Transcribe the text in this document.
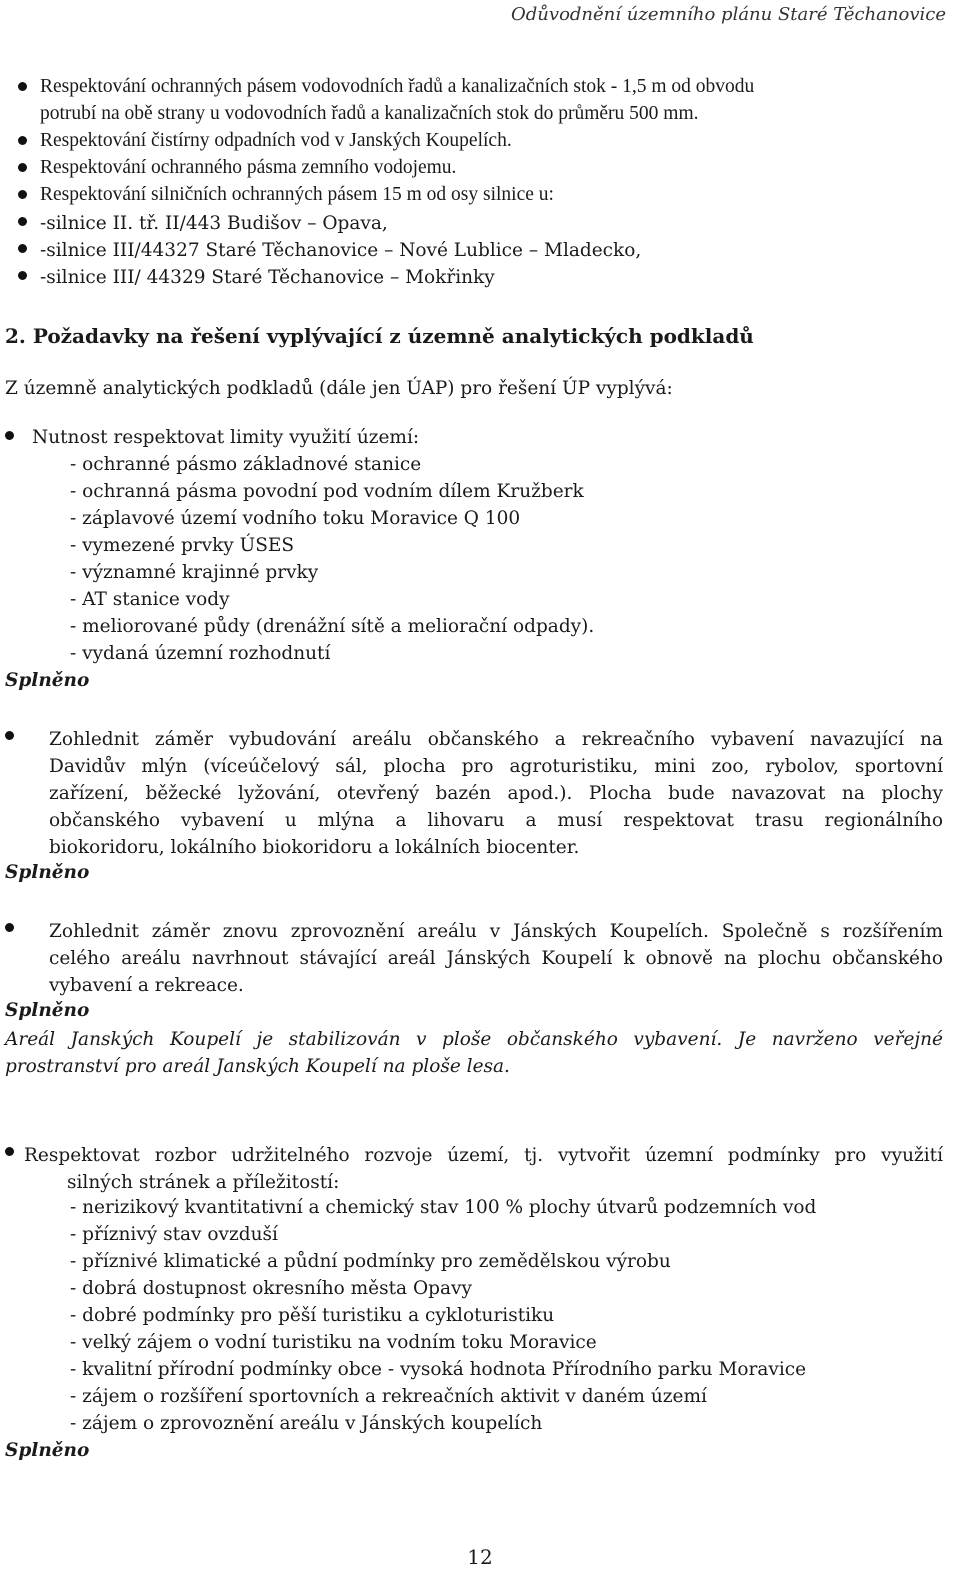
Odůvodnění územního plánu Staré Těchanovice
Respektování ochranných pásem vodovodních řadů a kanalizačních stok - 1,5 m od obvodu
potrubí na obě strany u vodovodních řadů a kanalizačních stok do průměru 500 mm.
Respektování čistírny odpadních vod v Janských Koupelích.
Respektování ochranného pásma zemního vodojemu.
Respektování silničních ochranných pásem 15 m od osy silnice u:
-silnice II. tř. II/443 Budišov – Opava,
-silnice III/44327 Staré Těchanovice – Nové Lublice – Mladecko,
-silnice III/ 44329 Staré Těchanovice – Mokřinky
2. Požadavky na řešení vyplývající z územně analytických podkladů
Z územně analytických podkladů (dále jen ÚAP) pro řešení ÚP vyplývá:
Nutnost respektovat limity využití území:
- ochranné pásmo základnové stanice
- ochranná pásma povodní pod vodním dílem Kružberk
- záplavové území vodního toku Moravice Q 100
- vymezené prvky ÚSES
- významné krajinné prvky
- AT stanice vody
- meliorované půdy (drenážní sítě a meliorační odpady).
- vydaná územní rozhodnutí
Splněno
Zohlednit záměr vybudování areálu občanského a rekreačního vybavení navazující na
Davidův mlýn (víceúčelový sál, plocha pro agroturistiku, mini zoo, rybolov, sportovní
zařízení, běžecké lyžování, otevřený bazén apod.). Plocha bude navazovat na plochy
občanského vybavení u mlýna a lihovaru a musí respektovat trasu regionálního
biokoridoru, lokálního biokoridoru a lokálních biocenter.
Splněno
Zohlednit záměr znovu zprovoznění areálu v Jánských Koupelích. Společně s rozšířením
celého areálu navrhnout stávající areál Jánských Koupelí k obnově na plochu občanského
vybavení a rekreace.
Splněno
Areál Janských Koupelí je stabilizován v ploše občanského vybavení. Je navrženo veřejné
prostranství pro areál Janských Koupelí na ploše lesa.
Respektovat rozbor udržitelného rozvoje území, tj. vytvořit územní podmínky pro využití
silných stránek a příležitostí:
- nerizikový kvantitativní a chemický stav 100 % plochy útvarů podzemních vod
- příznivý stav ovzduší
- příznivé klimatické a půdní podmínky pro zemědělskou výrobu
- dobrá dostupnost okresního města Opavy
- dobré podmínky pro pěší turistiku a cykloturistiku
- velký zájem o vodní turistiku na vodním toku Moravice
- kvalitní přírodní podmínky obce - vysoká hodnota Přírodního parku Moravice
- zájem o rozšíření sportovních a rekreačních aktivit v daném území
- zájem o zprovoznění areálu v Jánských koupelích
Splněno
12
